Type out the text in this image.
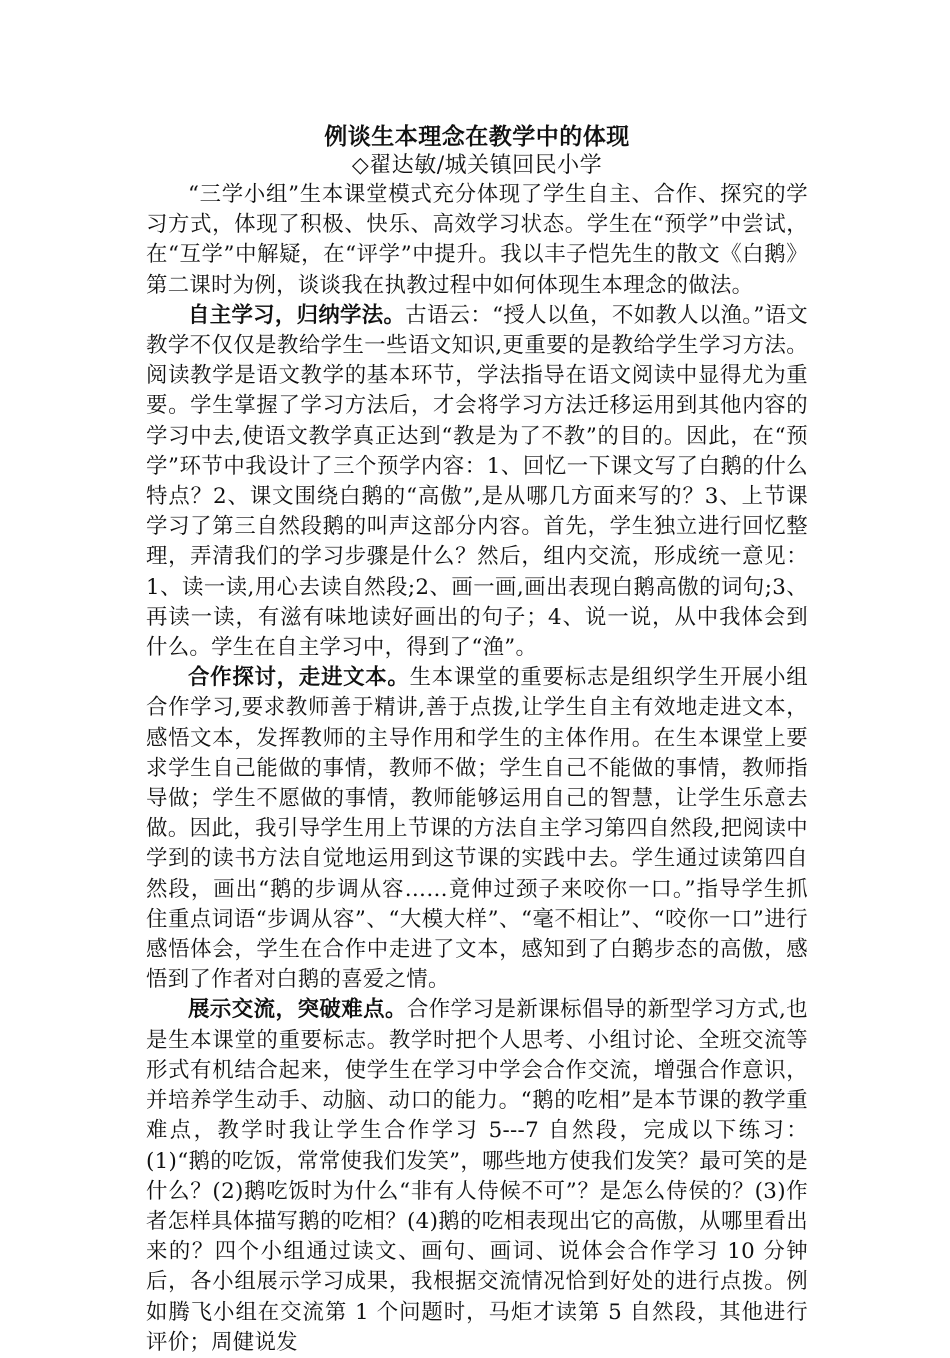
例谈生本理念在教学中的体现

◇翟达敏/城关镇回民小学

“三学小组”生本课堂模式充分体现了学生自主、合作、探究的学习方式，体现了积极、快乐、高效学习状态。学生在“预学”中尝试，在“互学”中解疑，在“评学”中提升。我以丰子恺先生的散文《白鹅》第二课时为例，谈谈我在执教过程中如何体现生本理念的做法。

自主学习，归纳学法。古语云：“授人以鱼，不如教人以渔。”语文教学不仅仅是教给学生一些语文知识,更重要的是教给学生学习方法。阅读教学是语文教学的基本环节，学法指导在语文阅读中显得尤为重要。学生掌握了学习方法后，才会将学习方法迁移运用到其他内容的学习中去,使语文教学真正达到“教是为了不教”的目的。因此，在“预学”环节中我设计了三个预学内容：1、回忆一下课文写了白鹅的什么特点？2、课文围绕白鹅的“高傲”,是从哪几方面来写的？3、上节课学习了第三自然段鹅的叫声这部分内容。首先，学生独立进行回忆整理，弄清我们的学习步骤是什么？然后，组内交流，形成统一意见：1、读一读,用心去读自然段;2、画一画,画出表现白鹅高傲的词句;3、再读一读，有滋有味地读好画出的句子；4、说一说，从中我体会到什么。学生在自主学习中，得到了“渔”。

合作探讨，走进文本。生本课堂的重要标志是组织学生开展小组合作学习,要求教师善于精讲,善于点拨,让学生自主有效地走进文本，感悟文本，发挥教师的主导作用和学生的主体作用。在生本课堂上要求学生自己能做的事情，教师不做；学生自己不能做的事情，教师指导做；学生不愿做的事情，教师能够运用自己的智慧，让学生乐意去做。因此，我引导学生用上节课的方法自主学习第四自然段,把阅读中学到的读书方法自觉地运用到这节课的实践中去。学生通过读第四自然段，画出“鹅的步调从容……竟伸过颈子来咬你一口。”指导学生抓住重点词语“步调从容”、“大模大样”、“毫不相让”、“咬你一口”进行感悟体会，学生在合作中走进了文本，感知到了白鹅步态的高傲，感悟到了作者对白鹅的喜爱之情。

展示交流，突破难点。合作学习是新课标倡导的新型学习方式,也是生本课堂的重要标志。教学时把个人思考、小组讨论、全班交流等形式有机结合起来，使学生在学习中学会合作交流，增强合作意识，并培养学生动手、动脑、动口的能力。“鹅的吃相”是本节课的教学重难点，教学时我让学生合作学习 5---7 自然段，完成以下练习：(1)“鹅的吃饭，常常使我们发笑”，哪些地方使我们发笑？最可笑的是什么？(2)鹅吃饭时为什么“非有人侍候不可”？是怎么侍侯的？(3)作者怎样具体描写鹅的吃相？(4)鹅的吃相表现出它的高傲，从哪里看出来的？四个小组通过读文、画句、画词、说体会合作学习 10 分钟后，各小组展示学习成果，我根据交流情况恰到好处的进行点拨。例如腾飞小组在交流第 1 个问题时，马炬才读第 5 自然段，其他进行评价；周健说发
